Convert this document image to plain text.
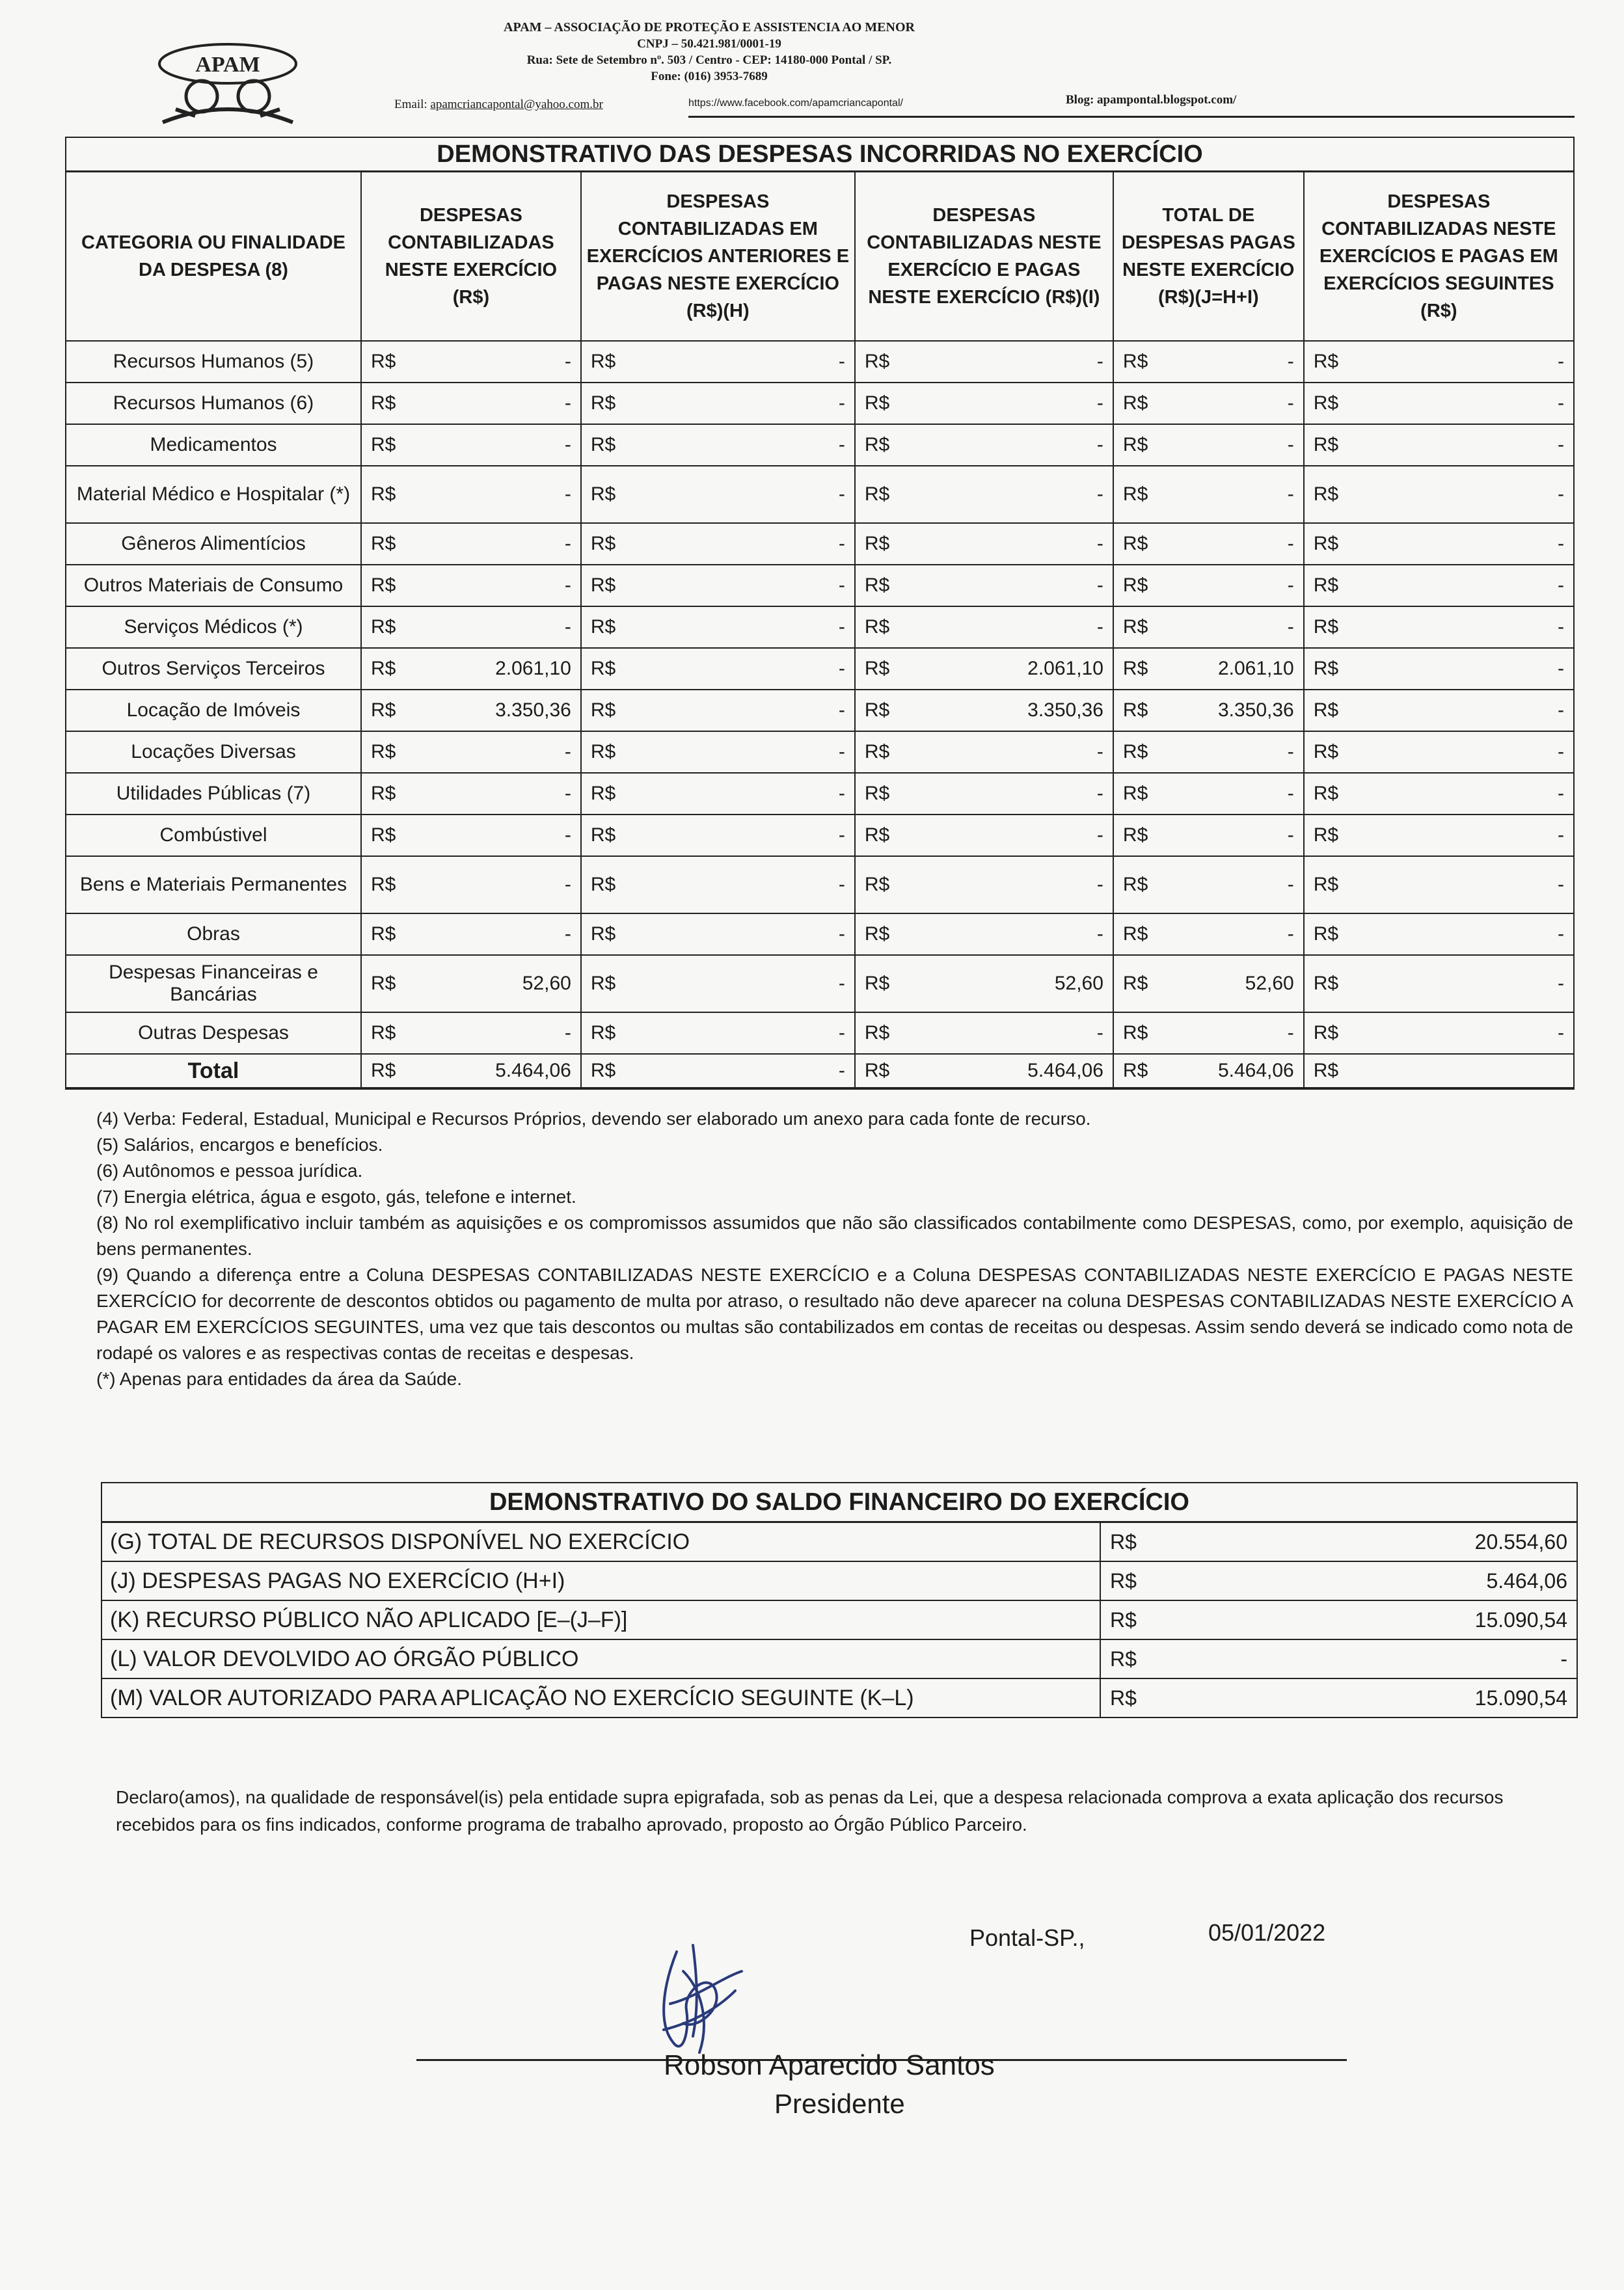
APAM
APAM – ASSOCIAÇÃO DE PROTEÇÃO E ASSISTENCIA AO MENOR
CNPJ – 50.421.981/0001-19
Rua: Sete de Setembro nº. 503 / Centro - CEP: 14180-000 Pontal / SP.
Fone: (016) 3953-7689
Email: apamcriancapontal@yahoo.com.br	https://www.facebook.com/apamcriancapontal/	Blog: apampontal.blogspot.com/
DEMONSTRATIVO DAS DESPESAS INCORRIDAS NO EXERCÍCIO										
CATEGORIA OU FINALIDADE DA DESPESA (8)	DESPESAS CONTABILIZADAS NESTE EXERCÍCIO (R$)		DESPESAS CONTABILIZADAS EM EXERCÍCIOS ANTERIORES E PAGAS NESTE EXERCÍCIO (R$)(H)		DESPESAS CONTABILIZADAS NESTE EXERCÍCIO E PAGAS NESTE EXERCÍCIO (R$)(I)		TOTAL DE DESPESAS PAGAS NESTE EXERCÍCIO (R$)(J=H+I)		DESPESAS CONTABILIZADAS NESTE EXERCÍCIOS E PAGAS EM EXERCÍCIOS SEGUINTES (R$)	
Recursos Humanos (5)	R$	-	R$	-	R$	-	R$	-	R$	-
Recursos Humanos (6)	R$	-	R$	-	R$	-	R$	-	R$	-
Medicamentos	R$	-	R$	-	R$	-	R$	-	R$	-
Material Médico e Hospitalar (*)	R$	-	R$	-	R$	-	R$	-	R$	-
Gêneros Alimentícios	R$	-	R$	-	R$	-	R$	-	R$	-
Outros Materiais de Consumo	R$	-	R$	-	R$	-	R$	-	R$	-
Serviços Médicos (*)	R$	-	R$	-	R$	-	R$	-	R$	-
Outros Serviços Terceiros	R$	2.061,10	R$	-	R$	2.061,10	R$	2.061,10	R$	-
Locação de Imóveis	R$	3.350,36	R$	-	R$	3.350,36	R$	3.350,36	R$	-
Locações Diversas	R$	-	R$	-	R$	-	R$	-	R$	-
Utilidades Públicas (7)	R$	-	R$	-	R$	-	R$	-	R$	-
Combústivel	R$	-	R$	-	R$	-	R$	-	R$	-
Bens e Materiais Permanentes	R$	-	R$	-	R$	-	R$	-	R$	-
Obras	R$	-	R$	-	R$	-	R$	-	R$	-
Despesas Financeiras e Bancárias	R$	52,60	R$	-	R$	52,60	R$	52,60	R$	-
Outras Despesas	R$	-	R$	-	R$	-	R$	-	R$	-
Total	R$	5.464,06	R$	-	R$	5.464,06	R$	5.464,06	R$	

(4) Verba: Federal, Estadual, Municipal e Recursos Próprios, devendo ser elaborado um anexo para cada fonte de recurso.

(5) Salários, encargos e benefícios.

(6) Autônomos e pessoa jurídica.

(7) Energia elétrica, água e esgoto, gás, telefone e internet.

(8) No rol exemplificativo incluir também as aquisições e os compromissos assumidos que não são classificados contabilmente como DESPESAS, como, por exemplo, aquisição de bens permanentes.

(9) Quando a diferença entre a Coluna DESPESAS CONTABILIZADAS NESTE EXERCÍCIO e a Coluna DESPESAS CONTABILIZADAS NESTE EXERCÍCIO E PAGAS NESTE EXERCÍCIO for decorrente de descontos obtidos ou pagamento de multa por atraso, o resultado não deve aparecer na coluna DESPESAS CONTABILIZADAS NESTE EXERCÍCIO A PAGAR EM EXERCÍCIOS SEGUINTES, uma vez que tais descontos ou multas são contabilizados em contas de receitas ou despesas. Assim sendo deverá se indicado como nota de rodapé os valores e as respectivas contas de receitas e despesas.

(*) Apenas para entidades da área da Saúde.

DEMONSTRATIVO DO SALDO FINANCEIRO DO EXERCÍCIO		
(G) TOTAL DE RECURSOS DISPONÍVEL NO EXERCÍCIO	R$	20.554,60
(J) DESPESAS PAGAS NO EXERCÍCIO (H+I)	R$	5.464,06
(K) RECURSO PÚBLICO NÃO APLICADO [E–(J–F)]	R$	15.090,54
(L) VALOR DEVOLVIDO AO ÓRGÃO PÚBLICO	R$	-
(M) VALOR AUTORIZADO PARA APLICAÇÃO NO EXERCÍCIO SEGUINTE (K–L)	R$	15.090,54
Declaro(amos), na qualidade de responsável(is) pela entidade supra epigrafada, sob as penas da Lei, que a despesa relacionada comprova a exata aplicação dos recursos recebidos para os fins indicados, conforme programa de trabalho aprovado, proposto ao Órgão Público Parceiro.
Pontal-SP.,	05/01/2022
Robson Aparecido Santos
Presidente
